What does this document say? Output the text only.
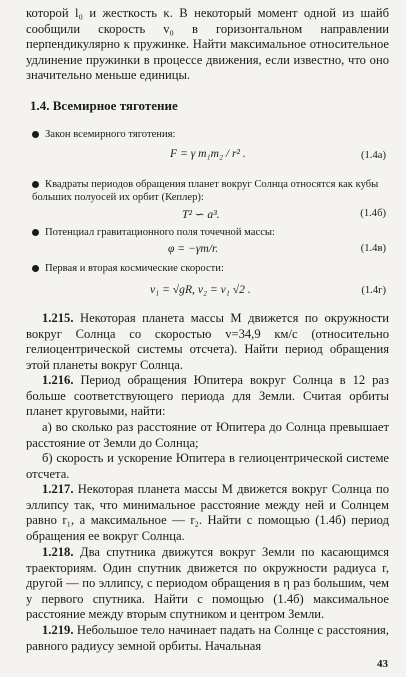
которой l₀ и жесткость κ. В некоторый момент одной из шайб сообщили скорость v₀ в горизонтальном направлении перпендикулярно к пружинке. Найти максимальное относительное удлинение пружинки в процессе движения, если известно, что оно значительно меньше единицы.
1.4. Всемирное тяготение
Закон всемирного тяготения:
F = γ m₁m₂ / r² .	(1.4а)
Квадраты периодов обращения планет вокруг Солнца относятся как кубы больших полуосей их орбит (Кеплер):
T² ∽ a³.	(1.4б)
Потенциал гравитационного поля точечной массы:
φ = −γm/r.	(1.4в)
Первая и вторая космические скорости:
v₁ = √gR, v₂ = v₁ √2 .	(1.4г)
1.215. Некоторая планета массы M движется по окружности вокруг Солнца со скоростью v=34,9 км/с (относительно гелиоцентрической системы отсчета). Найти период обращения этой планеты вокруг Солнца.
1.216. Период обращения Юпитера вокруг Солнца в 12 раз больше соответствующего периода для Земли. Считая орбиты планет круговыми, найти:
а) во сколько раз расстояние от Юпитера до Солнца превышает расстояние от Земли до Солнца;
б) скорость и ускорение Юпитера в гелиоцентрической системе отсчета.
1.217. Некоторая планета массы M движется вокруг Солнца по эллипсу так, что минимальное расстояние между ней и Солнцем равно r₁, а максимальное — r₂. Найти с помощью (1.4б) период обращения ее вокруг Солнца.
1.218. Два спутника движутся вокруг Земли по касающимся траекториям. Один спутник движется по окружности радиуса r, другой — по эллипсу, с периодом обращения в η раз большим, чем у первого спутника. Найти с помощью (1.4б) максимальное расстояние между вторым спутником и центром Земли.
1.219. Небольшое тело начинает падать на Солнце с расстояния, равного радиусу земной орбиты. Начальная
43
